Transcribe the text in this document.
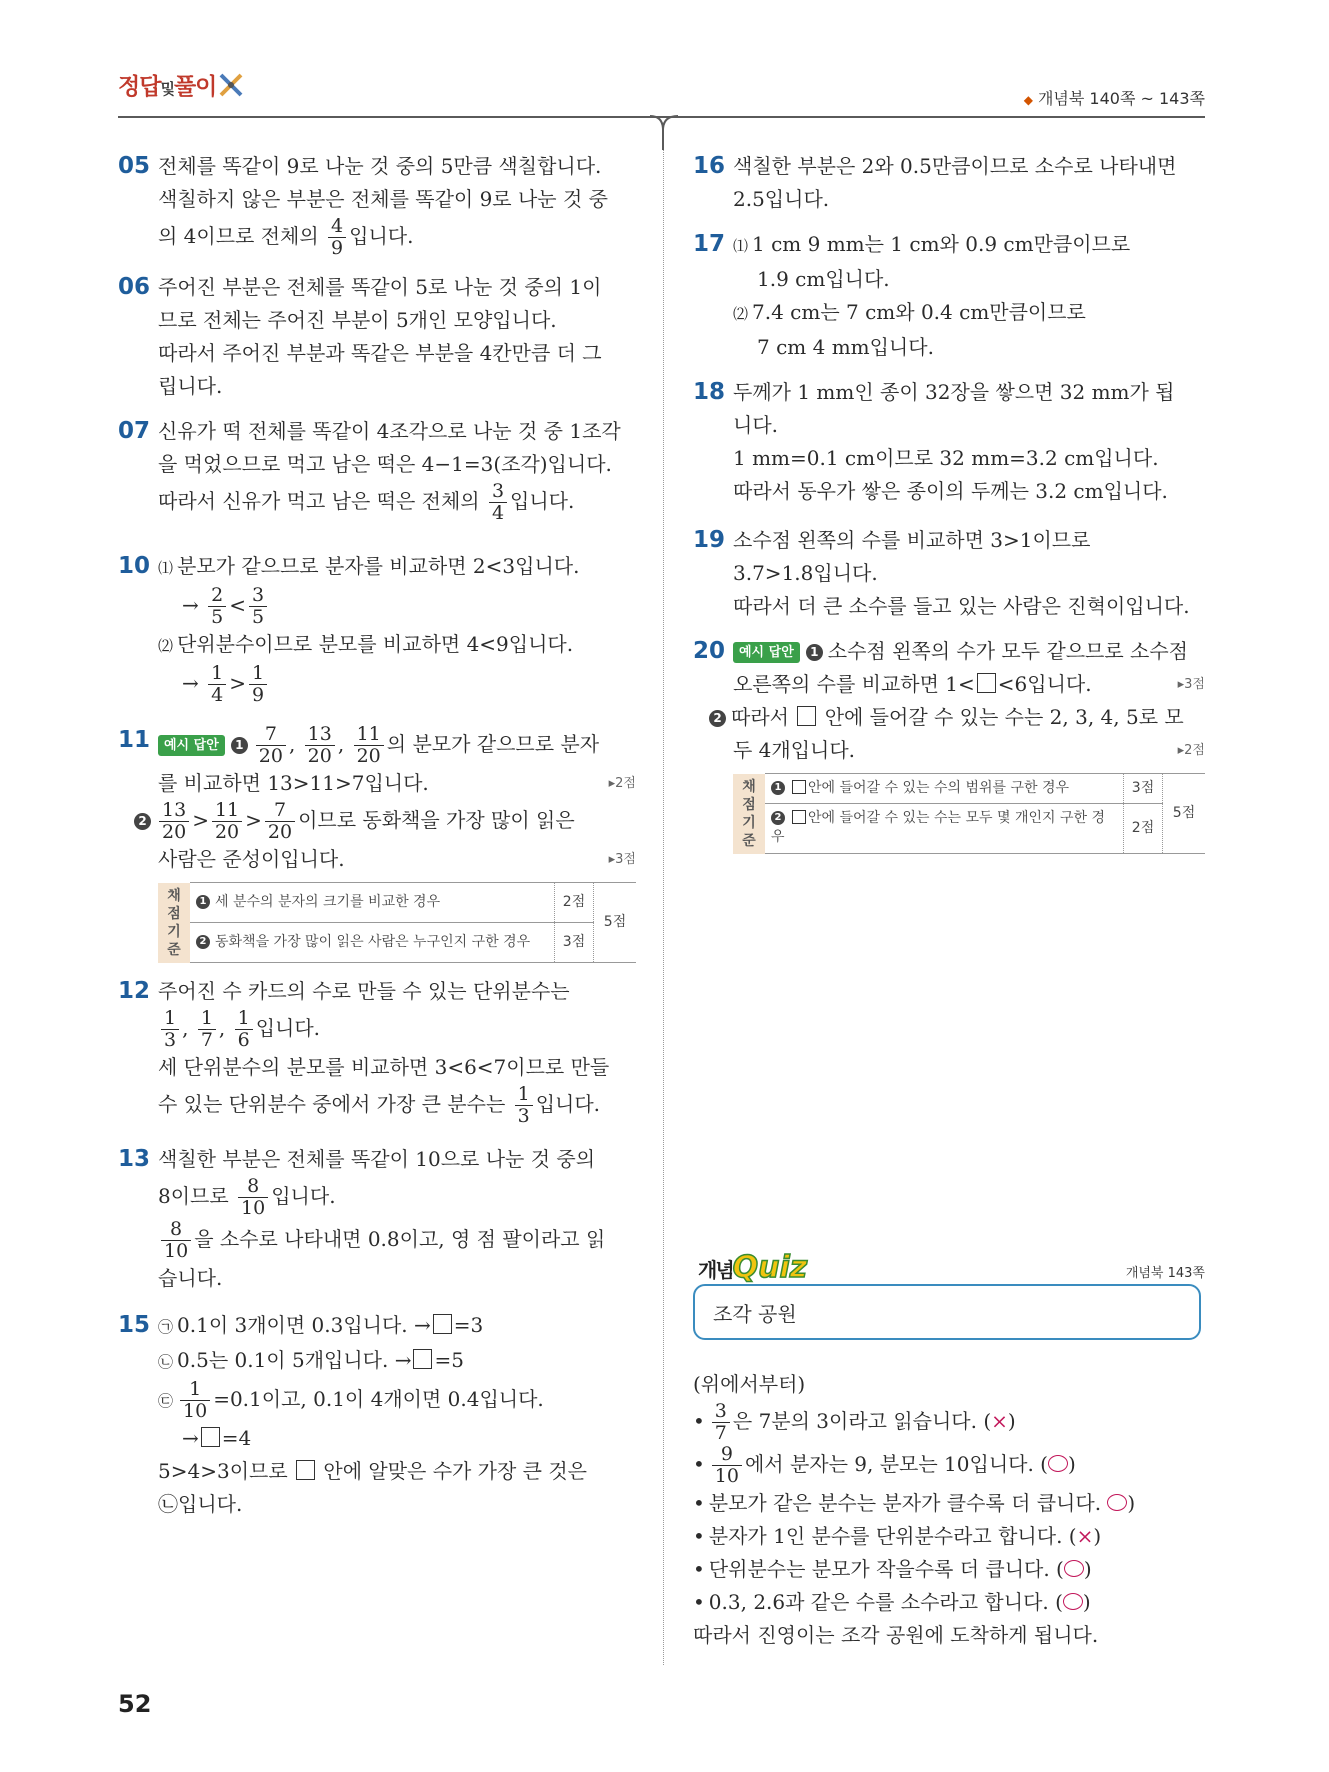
정답및풀이	◆ 개념북 140쪽 ~ 143쪽
05 전체를 똑같이 9로 나눈 것 중의 5만큼 색칠합니다.
색칠하지 않은 부분은 전체를 똑같이 9로 나눈 것 중
의 4이므로 전체의 $\frac{4}{9}$ 입니다.
06 주어진 부분은 전체를 똑같이 5로 나눈 것 중의 1이
므로 전체는 주어진 부분이 5개인 모양입니다.
따라서 주어진 부분과 똑같은 부분을 4칸만큼 더 그
립니다.
07 신유가 떡 전체를 똑같이 4조각으로 나눈 것 중 1조각
을 먹었으므로 먹고 남은 떡은 4−1=3(조각)입니다.
따라서 신유가 먹고 남은 떡은 전체의 $\frac{3}{4}$ 입니다.
10 ⑴ 분모가 같으므로 분자를 비교하면 2<3입니다.
→ $\frac{2}{5} < \frac{3}{5}$
⑵ 단위분수이므로 분모를 비교하면 4<9입니다.
→ $\frac{1}{4} > \frac{1}{9}$
11	예시 답안 $1 \frac{7}{20}$ , $\frac{13}{20}$ , $\frac{11}{20}$ 의 분모가 같으므로 분자
를 비교하면 13>11>7입니다.	▸ 2점
$2 \frac{13}{20} > \frac{11}{20} > \frac{7}{20}$ 이므로 동화책을 가장 많이 읽은
사람은 준성이입니다.	▸ 3점
채점 기준	1 세 분수의 분자의 크기를 비교한 경우	2점	5점
	2 동화책을 가장 많이 읽은 사람은 누구인지 구한 경우	3점	
12 주어진 수 카드의 수로 만들 수 있는 단위분수는
$\frac{1}{3}$ , $\frac{1}{7}$ , $\frac{1}{6}$ 입니다.
세 단위분수의 분모를 비교하면 3<6<7이므로 만들
수 있는 단위분수 중에서 가장 큰 분수는 $\frac{1}{3}$ 입니다.
13 색칠한 부분은 전체를 똑같이 10으로 나눈 것 중의
8이므로 $\frac{8}{10}$ 입니다.
$\frac{8}{10}$ 을 소수로 나타내면 0.8이고, 영 점 팔이라고 읽
습니다.
15 ㉠ 0.1이 3개이면 0.3입니다. → =3
㉡ 0.5는 0.1이 5개입니다. → =5
㉢ $\frac{1}{10} =0.1$이고, 0.1이 4개이면 0.4입니다.
→ =4
5>4>3이므로 안에 알맞은 수가 가장 큰 것은
㉡입니다.
16 색칠한 부분은 2와 0.5만큼이므로 소수로 나타내면
2.5입니다.
17 ⑴ 1 cm 9 mm는 1 cm와 0.9 cm만큼이므로
1.9 cm입니다.
⑵ 7.4 cm는 7 cm와 0.4 cm만큼이므로
7 cm 4 mm입니다.
18 두께가 1 mm인 종이 32장을 쌓으면 32 mm가 됩
니다.
1 mm=0.1 cm이므로 32 mm=3.2 cm입니다.
따라서 동우가 쌓은 종이의 두께는 3.2 cm입니다.
19 소수점 왼쪽의 수를 비교하면 3>1이므로
3.7>1.8입니다.
따라서 더 큰 소수를 들고 있는 사람은 진혁이입니다.
20	예시 답안 1 소수점 왼쪽의 수가 모두 같으므로 소수점
오른쪽의 수를 비교하면 1< <6입니다.	▸ 3점
2 따라서 안에 들어갈 수 있는 수는 2, 3, 4, 5로 모
두 4개입니다.	▸ 2점
채점 기준	1 안에 들어갈 수 있는 수의 범위를 구한 경우	3점	5점
	2 안에 들어갈 수 있는 수는 모두 몇 개인지 구한 경우	2점	
개념Quiz	개념북 143쪽
조각 공원
(위에서부터)
• $\frac{3}{7}$ 은 7분의 3이라고 읽습니다. (×)
• $\frac{9}{10}$ 에서 분자는 9, 분모는 10입니다. (○)
• 분모가 같은 분수는 분자가 클수록 더 큽니다. ○)
• 분자가 1인 분수를 단위분수라고 합니다. (×)
• 단위분수는 분모가 작을수록 더 큽니다. (○)
• 0.3, 2.6과 같은 수를 소수라고 합니다. (○)
따라서 진영이는 조각 공원에 도착하게 됩니다.
52
